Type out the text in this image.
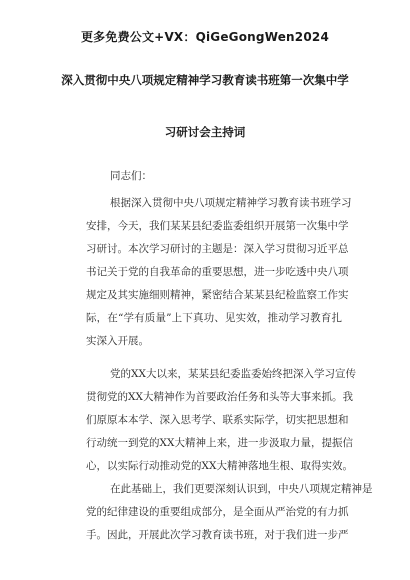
更多免费公文+VX：QiGeGongWen2024
深入贯彻中央八项规定精神学习教育读书班第一次集中学
习研讨会主持词
同志们：
根据深入贯彻中央八项规定精神学习教育读书班学习
安排，今天，我们某某县纪委监委组织开展第一次集中学
习研讨。本次学习研讨的主题是：深入学习贯彻习近平总
书记关于党的自我革命的重要思想，进一步吃透中央八项
规定及其实施细则精神，紧密结合某某县纪检监察工作实
际，在“学有质量”上下真功、见实效，推动学习教育扎
实深入开展。
党的XX大以来，某某县纪委监委始终把深入学习宣传
贯彻党的XX大精神作为首要政治任务和头等大事来抓。我
们原原本本学、深入思考学、联系实际学，切实把思想和
行动统一到党的XX大精神上来，进一步汲取力量，提振信
心，以实际行动推动党的XX大精神落地生根、取得实效。
在此基础上，我们更要深刻认识到，中央八项规定精神是
党的纪律建设的重要组成部分，是全面从严治党的有力抓
手。因此，开展此次学习教育读书班，对于我们进一步严
